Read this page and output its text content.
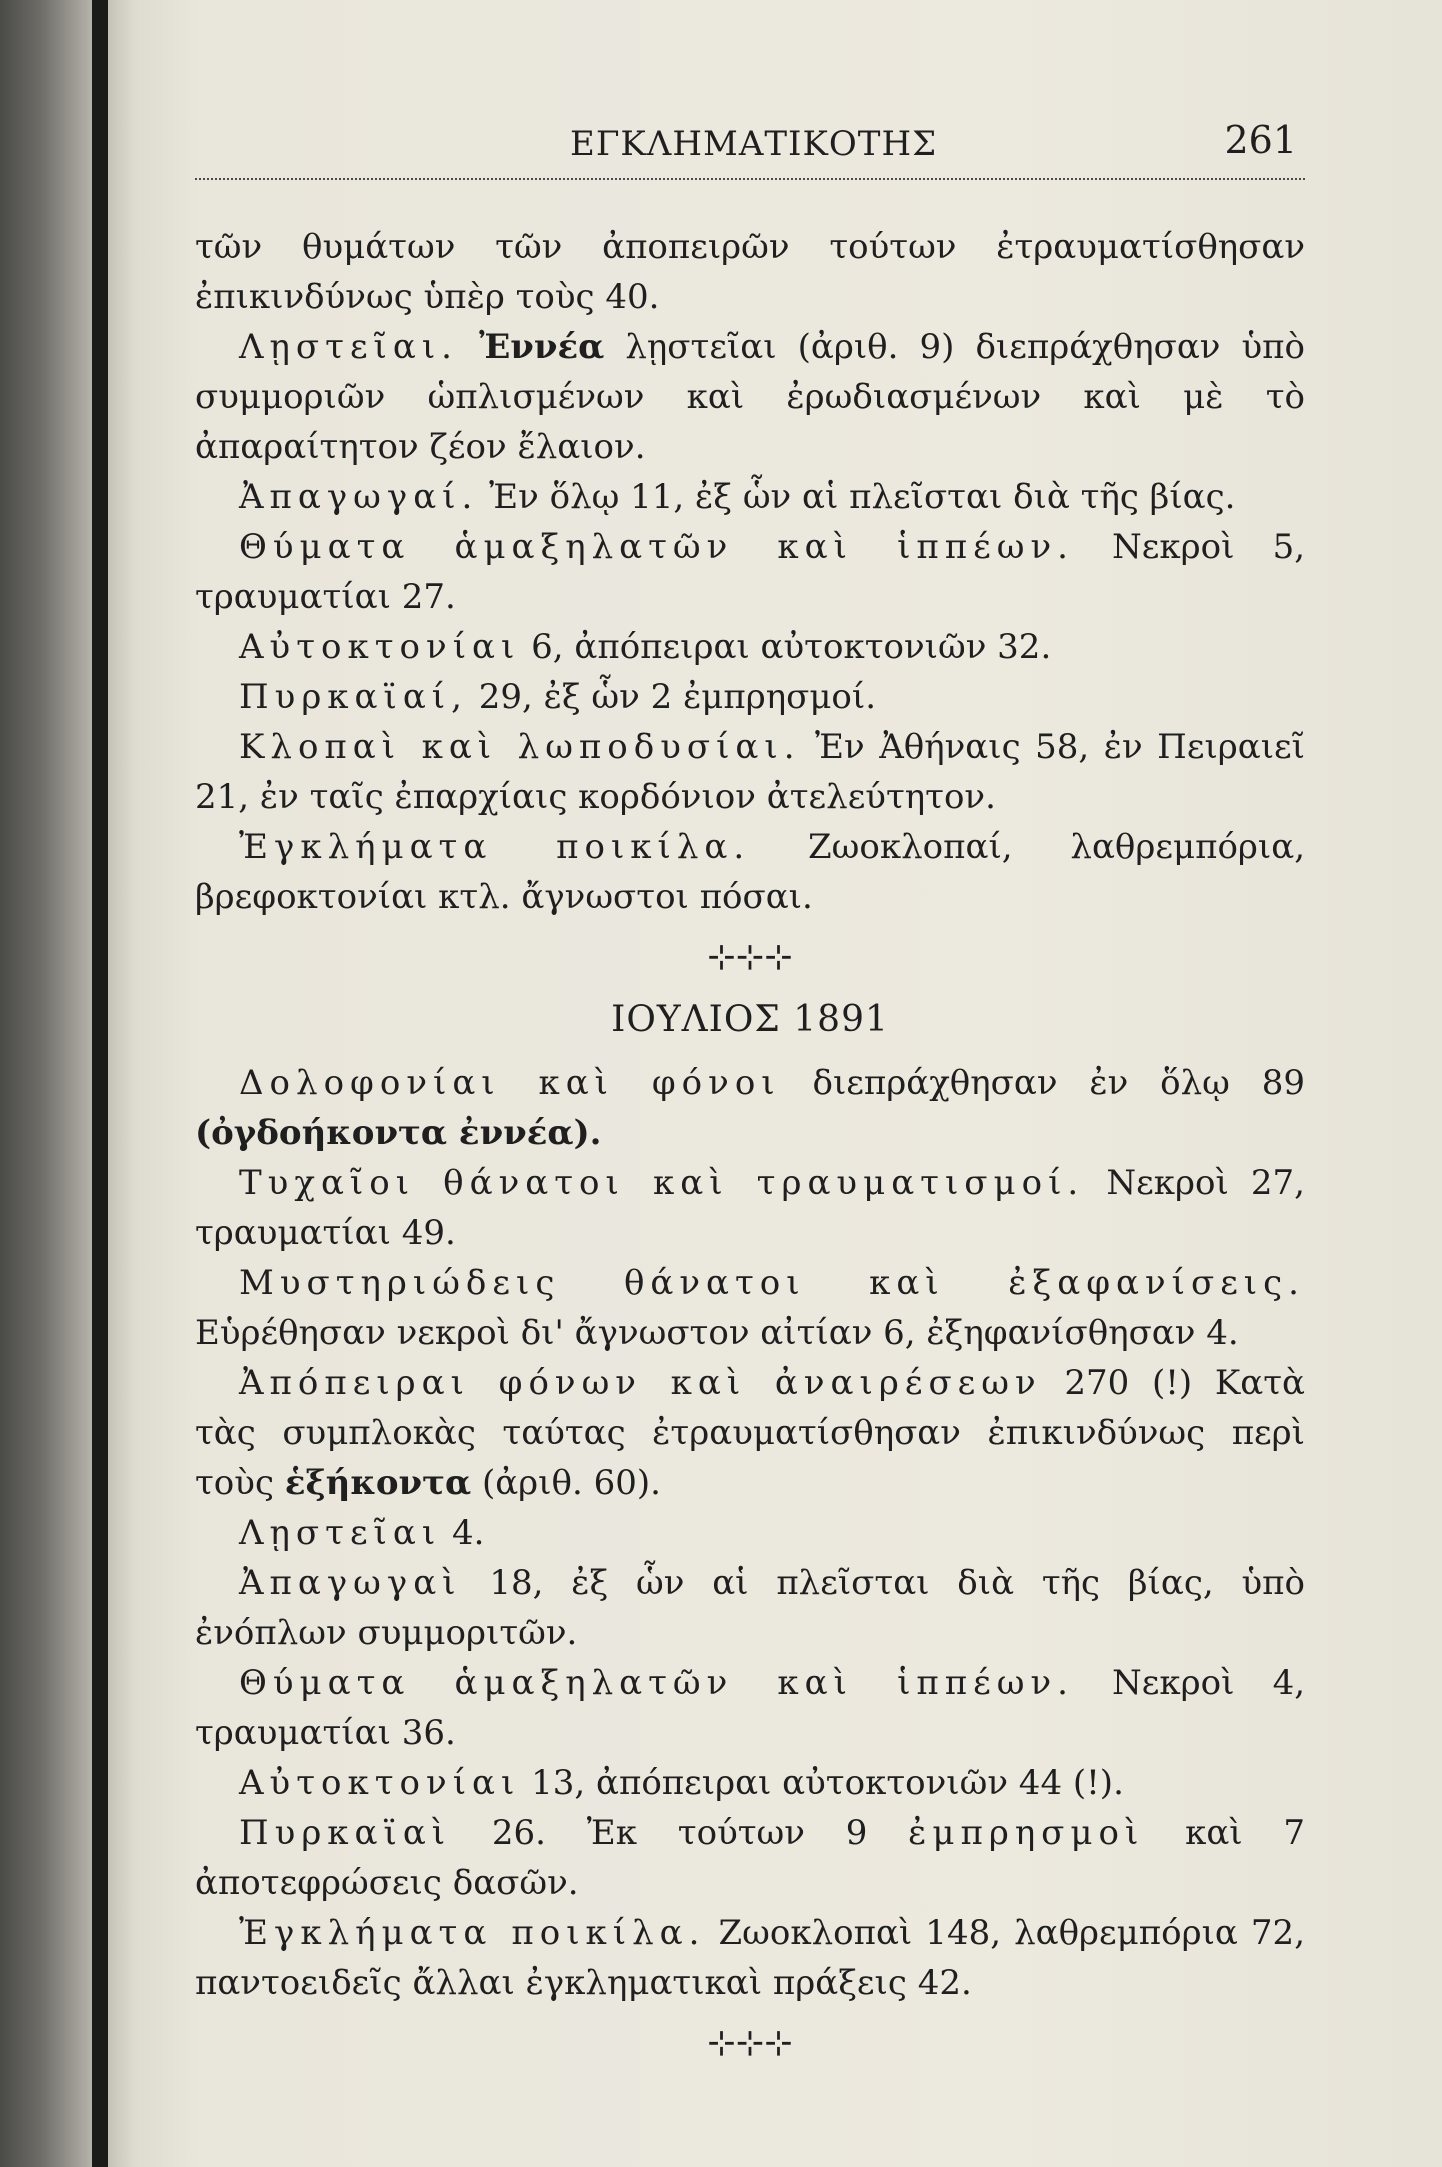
ΕΓΚΛΗΜΑΤΙΚΟΤΗΣ	261

τῶν θυμάτων τῶν ἀποπειρῶν τούτων ἐτραυματίσθησαν ἐπικινδύνως ὑπὲρ τοὺς 40.

Λῃστεῖαι. Ἐννέα λῃστεῖαι (ἀριθ. 9) διεπράχθησαν ὑπὸ συμμοριῶν ὡπλισμένων καὶ ἐρωδιασμένων καὶ μὲ τὸ ἀπαραίτητον ζέον ἔλαιον.

Ἀπαγωγαί. Ἐν ὅλῳ 11, ἐξ ὧν αἱ πλεῖσται διὰ τῆς βίας.

Θύματα ἁμαξηλατῶν καὶ ἱππέων. Νεκροὶ 5, τραυματίαι 27.

Αὐτοκτονίαι 6, ἀπόπειραι αὐτοκτονιῶν 32.

Πυρκαϊαί, 29, ἐξ ὧν 2 ἐμπρησμοί.

Κλοπαὶ καὶ λωποδυσίαι. Ἐν Ἀθήναις 58, ἐν Πειραιεῖ 21, ἐν ταῖς ἐπαρχίαις κορδόνιον ἀτελεύτητον.

Ἐγκλήματα ποικίλα. Ζωοκλοπαί, λαθρεμπόρια, βρεφοκτονίαι κτλ. ἄγνωστοι πόσαι.

⊹⊹⊹
ΙΟΥΛΙΟΣ 1891

Δολοφονίαι καὶ φόνοι διεπράχθησαν ἐν ὅλῳ 89 (ὀγδοήκοντα ἐννέα).

Τυχαῖοι θάνατοι καὶ τραυματισμοί. Νεκροὶ 27, τραυματίαι 49.

Μυστηριώδεις θάνατοι καὶ ἐξαφανίσεις. Εὑρέθησαν νεκροὶ δι' ἄγνωστον αἰτίαν 6, ἐξηφανίσθησαν 4.

Ἀπόπειραι φόνων καὶ ἀναιρέσεων 270 (!) Κατὰ τὰς συμπλοκὰς ταύτας ἐτραυματίσθησαν ἐπικινδύνως περὶ τοὺς ἑξήκοντα (ἀριθ. 60).

Λῃστεῖαι 4.

Ἀπαγωγαὶ 18, ἐξ ὧν αἱ πλεῖσται διὰ τῆς βίας, ὑπὸ ἐνόπλων συμμοριτῶν.

Θύματα ἁμαξηλατῶν καὶ ἱππέων. Νεκροὶ 4, τραυματίαι 36.

Αὐτοκτονίαι 13, ἀπόπειραι αὐτοκτονιῶν 44 (!).

Πυρκαϊαὶ 26. Ἐκ τούτων 9 ἐμπρησμοὶ καὶ 7 ἀποτεφρώσεις δασῶν.

Ἐγκλήματα ποικίλα. Ζωοκλοπαὶ 148, λαθρεμπόρια 72, παντοειδεῖς ἄλλαι ἐγκληματικαὶ πράξεις 42.

⊹⊹⊹
